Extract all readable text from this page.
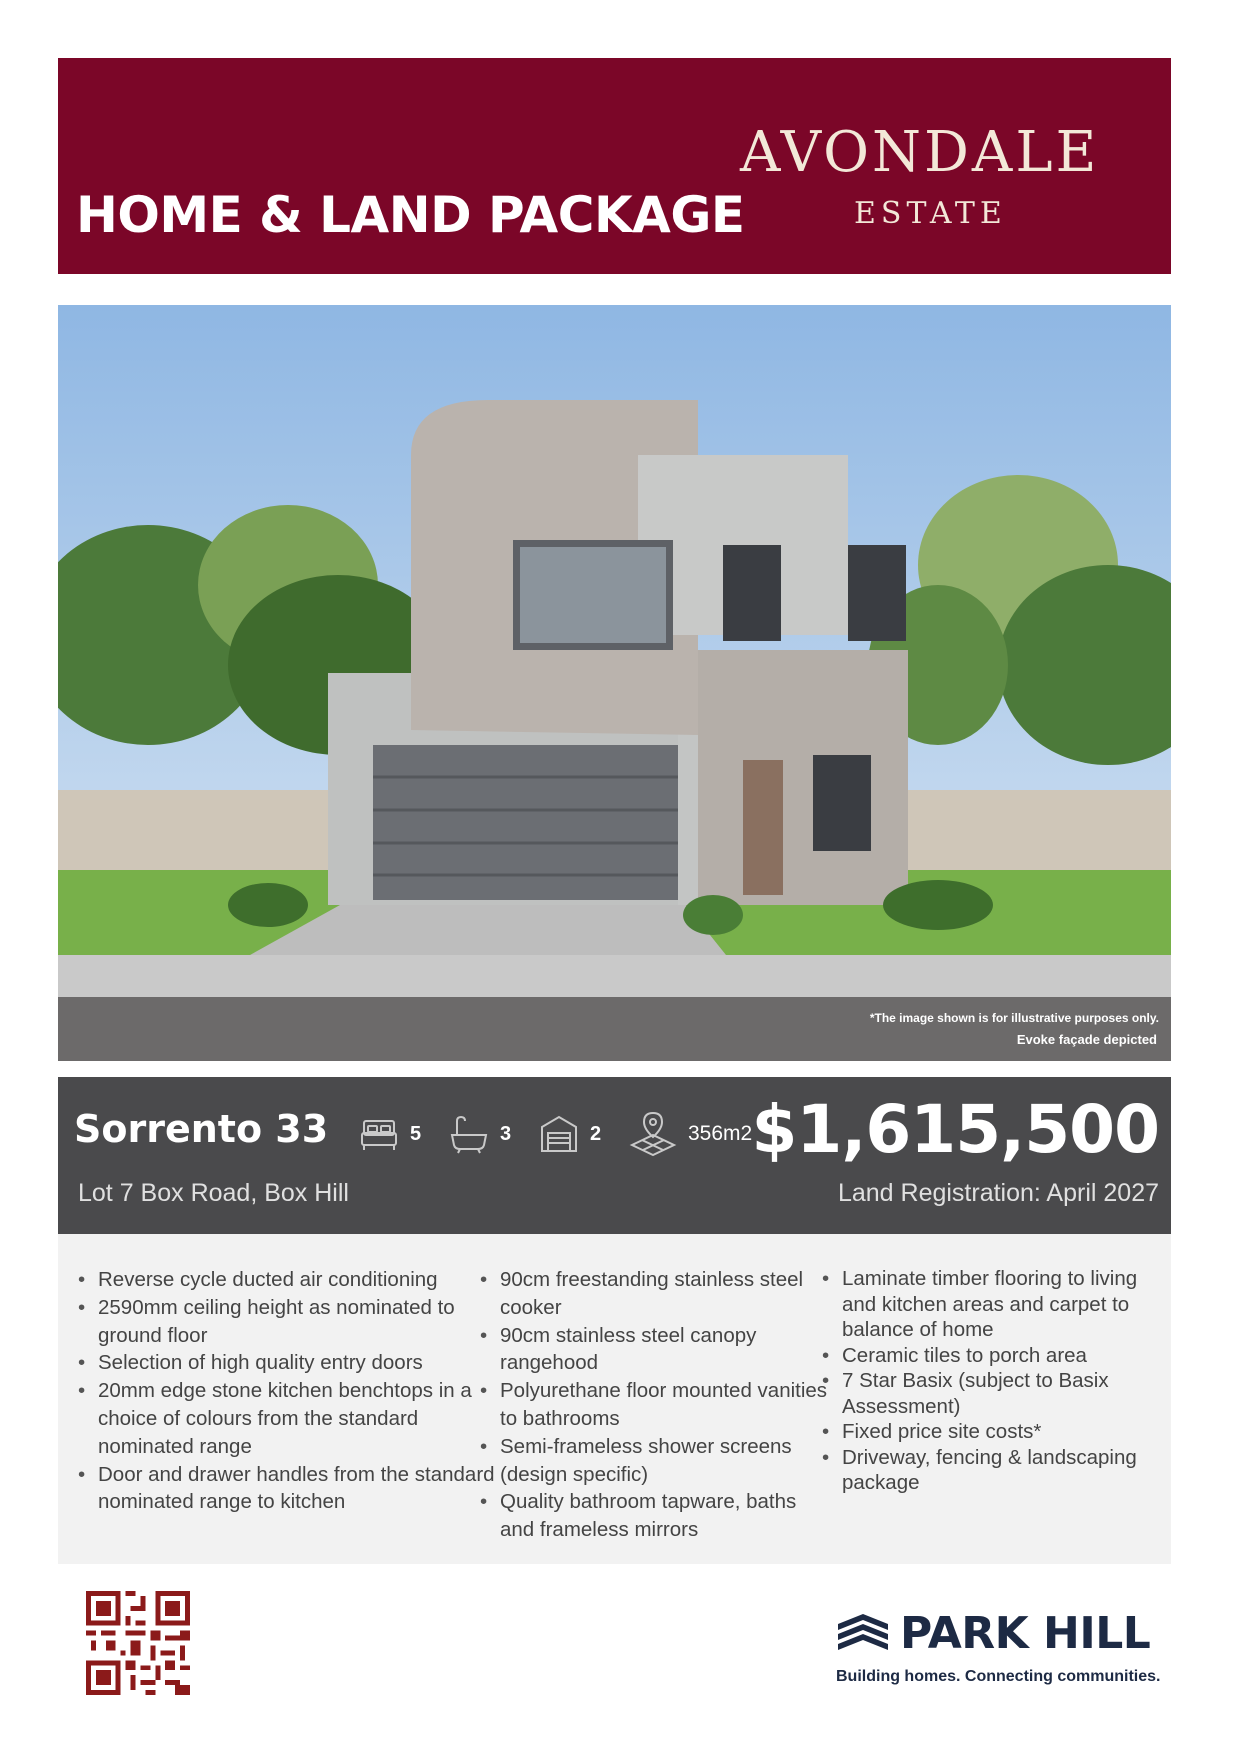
HOME & LAND PACKAGE
AVONDALE
ESTATE
*The image shown is for illustrative purposes only.
Evoke façade depicted
Sorrento 33	5	3	2	356m2 $1,615,500
Lot 7 Box Road, Box Hill	Land Registration: April 2027
• Reverse cycle ducted air conditioning
• 2590mm ceiling height as nominated to ground floor
• Selection of high quality entry doors
• 20mm edge stone kitchen benchtops in a choice of colours from the standard nominated range
• Door and drawer handles from the standard nominated range to kitchen
• 90cm freestanding stainless steel cooker
• 90cm stainless steel canopy rangehood
• Polyurethane floor mounted vanities to bathrooms
• Semi-frameless shower screens (design specific)
• Quality bathroom tapware, baths and frameless mirrors
• Laminate timber flooring to living and kitchen areas and carpet to balance of home
• Ceramic tiles to porch area
• 7 Star Basix (subject to Basix Assessment)
• Fixed price site costs*
• Driveway, fencing & landscaping package
PARK HILL
Building homes. Connecting communities.
